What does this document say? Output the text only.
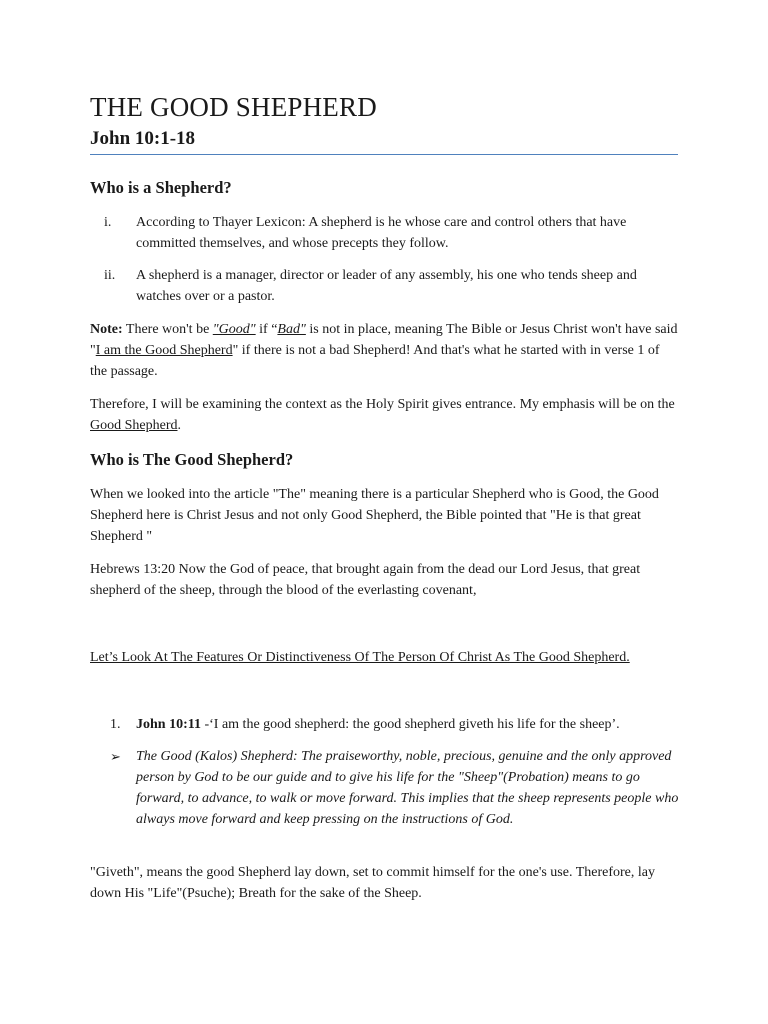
THE GOOD SHEPHERD
John 10:1-18
Who is a Shepherd?
i.	According to Thayer Lexicon: A shepherd is he whose care and control others that have committed themselves, and whose precepts they follow.
ii.	A shepherd is a manager, director or leader of any assembly, his one who tends sheep and watches over or a pastor.

Note: There won't be "Good" if “Bad" is not in place, meaning The Bible or Jesus Christ won't have said "I am the Good Shepherd" if there is not a bad Shepherd! And that's what he started with in verse 1 of the passage.

Therefore, I will be examining the context as the Holy Spirit gives entrance. My emphasis will be on the Good Shepherd.

Who is The Good Shepherd?

When we looked into the article "The" meaning there is a particular Shepherd who is Good, the Good Shepherd here is Christ Jesus and not only Good Shepherd, the Bible pointed that "He is that great Shepherd "

Hebrews 13:20 Now the God of peace, that brought again from the dead our Lord Jesus, that great shepherd of the sheep, through the blood of the everlasting covenant,

Let’s Look At The Features Or Distinctiveness Of The Person Of Christ As The Good Shepherd.

1.	John 10:11 -‘I am the good shepherd: the good shepherd giveth his life for the sheep’.
➢ The Good (Kalos) Shepherd: The praiseworthy, noble, precious, genuine and the only approved person by God to be our guide and to give his life for the "Sheep"(Probation) means to go forward, to advance, to walk or move forward. This implies that the sheep represents people who always move forward and keep pressing on the instructions of God.

"Giveth", means the good Shepherd lay down, set to commit himself for the one's use. Therefore, lay down His "Life"(Psuche); Breath for the sake of the Sheep.
